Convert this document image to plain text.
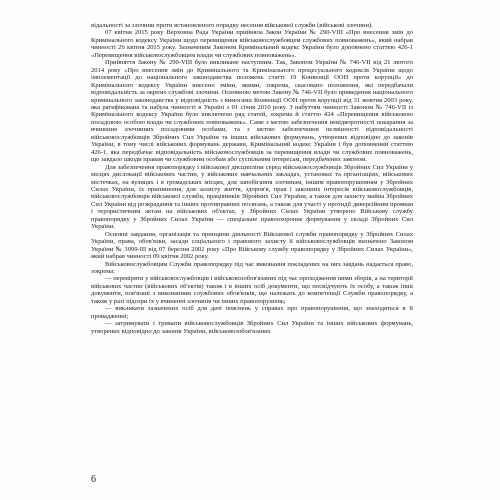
відальності за злочини проти встановленого порядку несення військової служби (військові злочини).

07 квітня 2015 року Верховна Рада України прийняла Закон України № 290-VIII «Про внесення змін до Кримінального кодексу України щодо перевищення військовослужбовцем службових повноважень», який набрав чинності 26 квітня 2015 року. Зазначеним Законом Кримінальний кодекс України було доповнено статтею 426-1 «Перевищення військовослужбовцем влади чи службових повноважень».

Прийняття Закону № 290-VIII було викликане наступним. Так, Законом України № 746-VII від 21 лютого 2014 року «Про внесення змін до Кримінального та Кримінального процесуального кодексів України щодо імплементації до національного законодавства положень статті 19 Конвенції ООН проти корупції» до Кримінального кодексу України внесено зміни, якими, зокрема, скасовано положення, які передбачали відповідальність за окремо службові злочини. Основною метою Закону № 746-VII було приведення національного кримінального законодавства у відповідність з вимогами Конвенції ООН проти корупції від 31 жовтня 2003 року, яка ратифікована та набула чинності в Україні з 01 січня 2010 року. З набуттям чинності Законом № 746-VII із Кримінального кодексу України було виключено ряд статей, зокрема й статтю 424 «Перевищення військовою посадовою особою влади чи службових повноважень». Саме з метою забезпечення невідворотності покарання за вчинення злочинних посадовими особами, та з метою забезпечення незмінності відповідальності військовослужбовців Збройних Сил України та інших військових формувань, утворених відповідно до законів України, в тому числі військових формувань держави, Кримінальний кодекс України і був доповнений статтею 426-1, яка передбачає відповідальність військовослужбовців за перевищення влади чи службових повноважень, що завдало шкоди правам чи службовим особам або суспільним інтересам, передбачених законом.

Для забезпечення правопорядку і військової дисципліни серед військовослужбовців Збройних Сил України у місцях дислокації військових частин, у військових навчальних закладах, установах та організаціях, військових містечках, на вулицях і в громадських місцях, для запобігання злочинам, іншим правопорушенням у Збройних Силах України, їх припинення, для захисту життя, здоров'я, прав і законних інтересів військовослужбовців, військовослужбовців військової служби, працівників Збройних Сил України, а також для захисту майна Збройних Сил України від розкрадання та інших протиправних посягань, а також для участі у протидії диверсійним проявам і терористичним актам на військових об'єктах, у Збройних Силах України утворено Військову службу правопорядку у Збройних Силах України — спеціальне правоохоронне формування у складі Збройних Сил України.

Основні завдання, організація та принципи діяльності Військової служби правопорядку у Збройних Силах України, права, обов'язки, засади соціального і правового захисту її військовослужбовців визначено Законом України № 3099-III від 07 березня 2002 року «Про Військову службу правопорядку у Збройних Силах України», який набрав чинності 09 квітня 2002 року.

Військовослужбовцям Служби правопорядку під час виконання покладених на них завдань надається право, зокрема:

— перевіряти у військовослужбовців і військовозобов'язаних під час проходження ними зборів, а на території військових частин (військових об'єктів) також і в інших осіб документи, що посвідчують їх особу, а також інші документи, пов'язані з виконанням службових обов'язків, що належать до компетенції Служби правопорядку, а також у разі підозри їх у вчиненні злочинів чи інших правопорушень;

— викликати зазначених осіб для дачі пояснень у справах про правопорушення, що знаходяться в її провадженні;

— затримувати і тримати військовослужбовців Збройних Сил України та інших військових формувань, утворених відповідно до законів України, військовозобов'язаних

6
